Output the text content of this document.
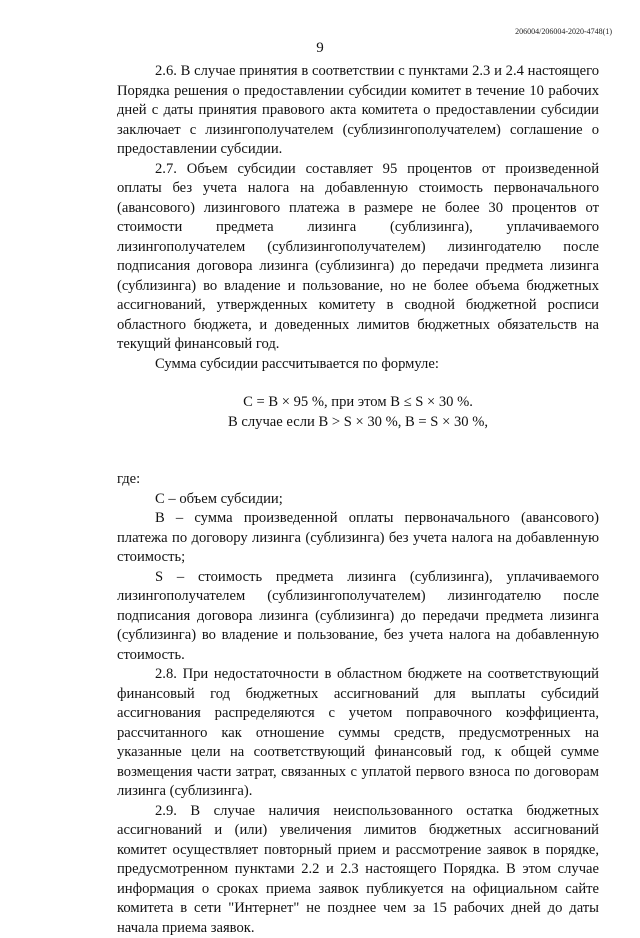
206004/206004-2020-4748(1)
9

2.6. В случае принятия в соответствии с пунктами 2.3 и 2.4 настоящего Порядка решения о предоставлении субсидии комитет в течение 10 рабочих дней с даты принятия правового акта комитета о предоставлении субсидии заключает с лизингополучателем (сублизингополучателем) соглашение о предоставлении субсидии.

2.7. Объем субсидии составляет 95 процентов от произведенной оплаты без учета налога на добавленную стоимость первоначального (авансового) лизингового платежа в размере не более 30 процентов от стоимости предмета лизинга (сублизинга), уплачиваемого лизингополучателем (сублизингополучателем) лизингодателю после подписания договора лизинга (сублизинга) до передачи предмета лизинга (сублизинга) во владение и пользование, но не более объема бюджетных ассигнований, утвержденных комитету в сводной бюджетной росписи областного бюджета, и доведенных лимитов бюджетных обязательств на текущий финансовый год.

Сумма субсидии рассчитывается по формуле:

С = В × 95 %, при этом В ≤ S × 30 %.

В случае если В > S × 30 %, В = S × 30 %,

где:

С – объем субсидии;

В – сумма произведенной оплаты первоначального (авансового) платежа по договору лизинга (сублизинга) без учета налога на добавленную стоимость;

S – стоимость предмета лизинга (сублизинга), уплачиваемого лизингополучателем (сублизингополучателем) лизингодателю после подписания договора лизинга (сублизинга) до передачи предмета лизинга (сублизинга) во владение и пользование, без учета налога на добавленную стоимость.

2.8. При недостаточности в областном бюджете на соответствующий финансовый год бюджетных ассигнований для выплаты субсидий ассигнования распределяются с учетом поправочного коэффициента, рассчитанного как отношение суммы средств, предусмотренных на указанные цели на соответствующий финансовый год, к общей сумме возмещения части затрат, связанных с уплатой первого взноса по договорам лизинга (сублизинга).

2.9. В случае наличия неиспользованного остатка бюджетных ассигнований и (или) увеличения лимитов бюджетных ассигнований комитет осуществляет повторный прием и рассмотрение заявок в порядке, предусмотренном пунктами 2.2 и 2.3 настоящего Порядка. В этом случае информация о сроках приема заявок публикуется на официальном сайте комитета в сети "Интернет" не позднее чем за 15 рабочих дней до даты начала приема заявок.
